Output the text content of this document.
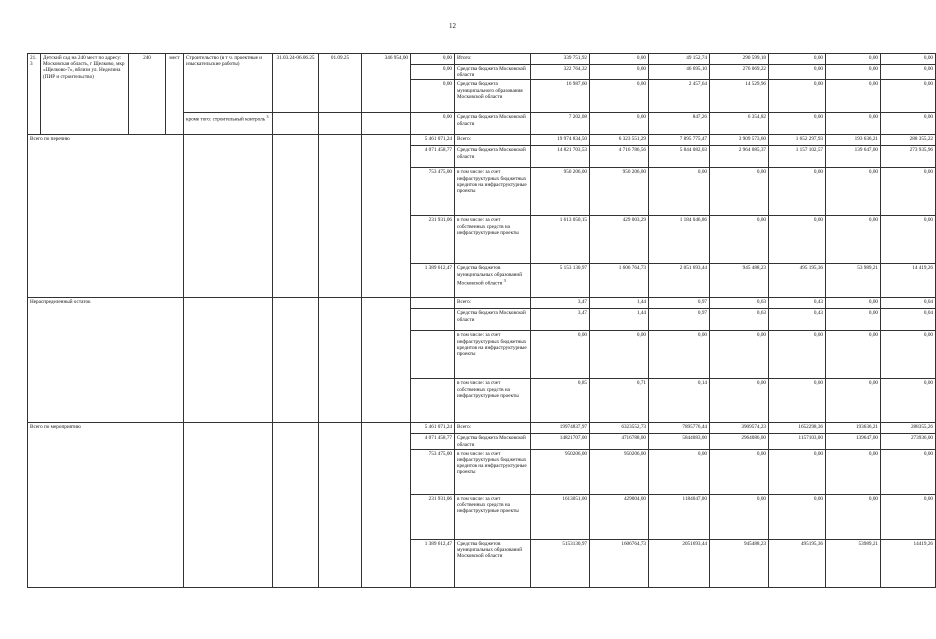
12
21.3	Детский сад на 240 мест по адресу: Московская область, г Щелково, мкр «Щелково-7», вблизи ул. Неделина (ПИР и строительство)	240	мест	Строительство (в т ч. проектные и изыскательские работы)	31.03.24-06.06.25	01.09.25	346 954,00	0,00	Итого:	339 751,92	0,00	49 152,74	290 599,18	0,00	0,00	0,00
								0,00	Средства бюджета Московской области	322 764,32	0,00	46 695,10	276 069,22	0,00	0,00	0,00
								0,00	Средства бюджета муниципального образования Московской области	16 987,60	0,00	2 457,64	14 529,96	0,00	0,00	0,00
				кроме того: строительный контроль $^3$				0,00	Средства бюджета Московской области	7 202,08	0,00	847,26	6 354,82	0,00	0,00	0,00
Всего по перечню								5 461 071,24	Всего:	19 974 834,50	6 323 551,29	7 895 775,47	3 909 573,60	1 652 297,93	193 636,21	288 355,22
								4 071 458,77	Средства бюджета Московской области	14 821 703,53	4 716 786,56	5 844 082,03	2 964 085,37	1 157 102,57	139 647,00	273 935,96
								753 475,00	в том числе: за счет инфраструктурных бюджетных кредитов на инфраструктурные проекты	950 206,00	950 206,00	0,00	0,00	0,00	0,00	0,00
								231 931,06	в том числе: за счет собственных средств на инфраструктурные проекты	1 613 050,15	429 003,29	1 184 046,86	0,00	0,00	0,00	0,00
								1 389 612,47	Средства бюджетов муниципальных образований Московской области $^3$	5 153 130,97	1 606 764,73	2 051 693,44	945 488,23	495 195,36	53 989,21	14 419,26
Нераспределенный остаток									Всего:	3,47	1,44	0,97	0,63	0,43	0,00	0,04
									Средства бюджета Московской области	3,47	1,44	0,97	0,63	0,43	0,00	0,04
									в том числе: за счет инфраструктурных бюджетных кредитов на инфраструктурные проекты	0,00	0,00	0,00	0,00	0,00	0,00	0,00
									в том числе: за счет собственных средств на инфраструктурные проекты	0,85	0,71	0,14	0,00	0,00	0,00	0,00
Всего по мероприятию								5 461 071,24	Всего:	19974837,97	6323552,73	7895776,44	3909574,23	1652298,36	193636,21	288355,26
								4 071 458,77	Средства бюджета Московской области	14821707,00	4716788,00	5844083,00	2964086,00	1157103,00	139647,00	273936,00
								753 475,00	в том числе: за счет инфраструктурных бюджетных кредитов на инфраструктурные проекты	950206,00	950206,00	0,00	0,00	0,00	0,00	0,00
								231 931,06	в том числе: за счет собственных средств на инфраструктурные проекты	1613051,00	429004,00	1184047,00	0,00	0,00	0,00	0,00
								1 389 612,47	Средства бюджетов муниципальных образований Московской области	5153130,97	1606764,73	2051693,44	945488,23	495195,36	53989,21	14419,26
